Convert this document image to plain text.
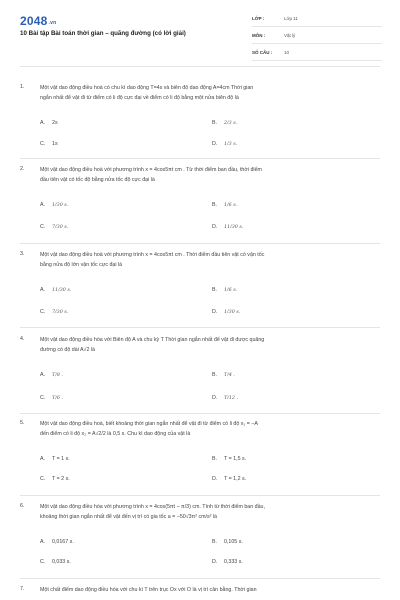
2048.vn
10 Bài tập Bài toán thời gian – quãng đường (có lời giải)
LỚP :	Lớp 11
MÔN :	Vật lý
SỐ CÂU :	10
1.	Một vật dao động điều hoà có chu kì dao động T=4s và biên độ dao động A=4cm Thời gian
ngắn nhất để vật đi từ điểm có li độ cực đại về điểm có li độ bằng một nửa biên độ là
A. 2s	B. 2/3 s.
C. 1s	D. 1/3 s.
2.	Một vật dao động điều hoà với phương trình x = 4cos5πt cm . Từ thời điểm ban đầu, thời điểm
đầu tiên vật có tốc độ bằng nửa tốc độ cực đại là
A. 1/30 s.	B. 1/6 s.
C. 7/30 s.	D. 11/30 s.
3.	Một vật dao động điều hoà với phương trình x = 4cos5πt cm . Thời điểm đầu tiên vật có vận tốc
bằng nửa độ lớn vận tốc cực đại là
A. 11/30 s.	B. 1/6 s.
C. 7/30 s.	D. 1/30 s.
4.	Một vật dao động điều hòa với Biên độ A và chu kỳ T Thời gian ngắn nhất để vật đi được quãng
đường có độ dài A√2 là
A. T/8 .	B. T/4 .
C. T/6 .	D. T/12 .
5.	Một vật dao động điều hoà, biết khoảng thời gian ngắn nhất để vật đi từ điểm có li độ x₁ = −A
đến điểm có li độ x₂ = A√2/2 là 0,5 s. Chu kì dao động của vật là
A. T = 1 s.	B. T = 1,5 s.
C. T = 2 s.	D. T = 1,2 s.
6.	Một vật dao động điều hòa với phương trình x = 4cos(5πt − π/3) cm. Tính từ thời điểm ban đầu,
khoảng thời gian ngắn nhất để vật đến vị trí có gia tốc a = −50√3π² cm/s² là
A. 0,0167 s.	B. 0,105 s.
C. 0,033 s.	D. 0,333 s.
7.	Một chất điểm dao động điều hòa với chu kì T trên trục Ox với O là vị trí cân bằng. Thời gian
